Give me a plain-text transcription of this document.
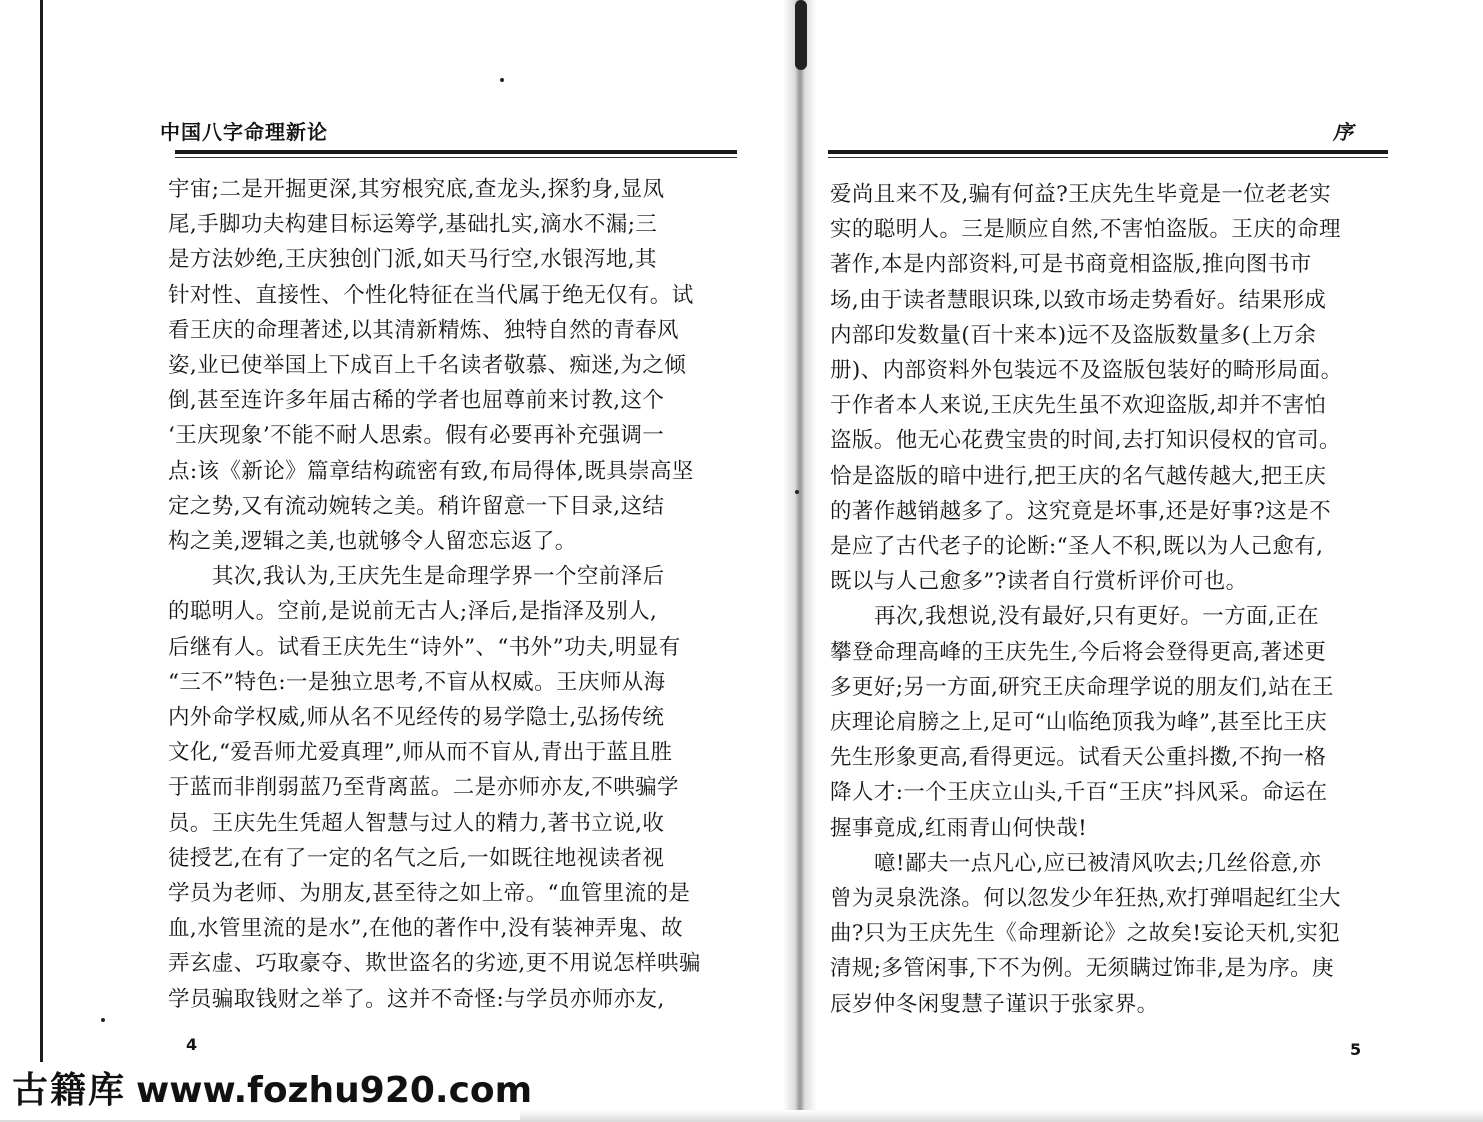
中国八字命理新论
宇宙;二是开掘更深,其穷根究底,查龙头,探豹身,显凤
尾,手脚功夫构建目标运筹学,基础扎实,滴水不漏;三
是方法妙绝,王庆独创门派,如天马行空,水银泻地,其
针对性、直接性、个性化特征在当代属于绝无仅有。试
看王庆的命理著述,以其清新精炼、独特自然的青春风
姿,业已使举国上下成百上千名读者敬慕、痴迷,为之倾
倒,甚至连许多年届古稀的学者也屈尊前来讨教,这个
‘王庆现象’不能不耐人思索。假有必要再补充强调一
点:该《新论》篇章结构疏密有致,布局得体,既具崇高坚
定之势,又有流动婉转之美。稍许留意一下目录,这结
构之美,逻辑之美,也就够令人留恋忘返了。
其次,我认为,王庆先生是命理学界一个空前泽后
的聪明人。空前,是说前无古人;泽后,是指泽及别人,
后继有人。试看王庆先生“诗外”、“书外”功夫,明显有
“三不”特色:一是独立思考,不盲从权威。王庆师从海
内外命学权威,师从名不见经传的易学隐士,弘扬传统
文化,“爱吾师尤爱真理”,师从而不盲从,青出于蓝且胜
于蓝而非削弱蓝乃至背离蓝。二是亦师亦友,不哄骗学
员。王庆先生凭超人智慧与过人的精力,著书立说,收
徒授艺,在有了一定的名气之后,一如既往地视读者视
学员为老师、为朋友,甚至待之如上帝。“血管里流的是
血,水管里流的是水”,在他的著作中,没有装神弄鬼、故
弄玄虚、巧取豪夺、欺世盗名的劣迹,更不用说怎样哄骗
学员骗取钱财之举了。这并不奇怪:与学员亦师亦友,
4
序
爱尚且来不及,骗有何益?王庆先生毕竟是一位老老实
实的聪明人。三是顺应自然,不害怕盗版。王庆的命理
著作,本是内部资料,可是书商竟相盗版,推向图书市
场,由于读者慧眼识珠,以致市场走势看好。结果形成
内部印发数量(百十来本)远不及盗版数量多(上万余
册)、内部资料外包装远不及盗版包装好的畸形局面。
于作者本人来说,王庆先生虽不欢迎盗版,却并不害怕
盗版。他无心花费宝贵的时间,去打知识侵权的官司。
恰是盗版的暗中进行,把王庆的名气越传越大,把王庆
的著作越销越多了。这究竟是坏事,还是好事?这是不
是应了古代老子的论断:“圣人不积,既以为人己愈有,
既以与人己愈多”?读者自行赏析评价可也。
再次,我想说,没有最好,只有更好。一方面,正在
攀登命理高峰的王庆先生,今后将会登得更高,著述更
多更好;另一方面,研究王庆命理学说的朋友们,站在王
庆理论肩膀之上,足可“山临绝顶我为峰”,甚至比王庆
先生形象更高,看得更远。试看天公重抖擞,不拘一格
降人才:一个王庆立山头,千百“王庆”抖风采。命运在
握事竟成,红雨青山何快哉!
噫!鄙夫一点凡心,应已被清风吹去;几丝俗意,亦
曾为灵泉洗涤。何以忽发少年狂热,欢打弹唱起红尘大
曲?只为王庆先生《命理新论》之故矣!妄论天机,实犯
清规;多管闲事,下不为例。无须瞒过饰非,是为序。庚
辰岁仲冬闲叟慧子谨识于张家界。
5
古籍库 www.fozhu920.com
